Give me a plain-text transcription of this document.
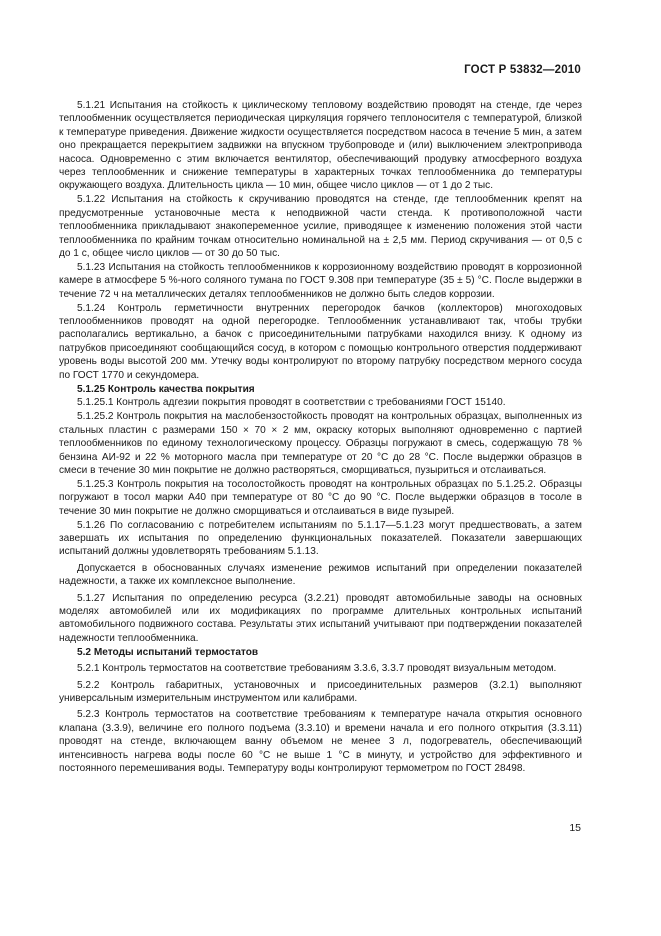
ГОСТ Р 53832—2010

5.1.21 Испытания на стойкость к циклическому тепловому воздействию проводят на стенде, где через теплообменник осуществляется периодическая циркуляция горячего теплоносителя с температурой, близкой к температуре приведения. Движение жидкости осуществляется посредством насоса в течение 5 мин, а затем оно прекращается перекрытием задвижки на впускном трубопроводе и (или) выключением электропривода насоса. Одновременно с этим включается вентилятор, обеспечивающий продувку атмосферного воздуха через теплообменник и снижение температуры в характерных точках теплообменника до температуры окружающего воздуха. Длительность цикла — 10 мин, общее число циклов — от 1 до 2 тыс.

5.1.22 Испытания на стойкость к скручиванию проводятся на стенде, где теплообменник крепят на предусмотренные установочные места к неподвижной части стенда. К противоположной части теплообменника прикладывают знакопеременное усилие, приводящее к изменению положения этой части теплообменника по крайним точкам относительно номинальной на ± 2,5 мм. Период скручивания — от 0,5 с до 1 с, общее число циклов — от 30 до 50 тыс.

5.1.23 Испытания на стойкость теплообменников к коррозионному воздействию проводят в коррозионной камере в атмосфере 5 %-ного соляного тумана по ГОСТ 9.308 при температуре (35 ± 5) °С. После выдержки в течение 72 ч на металлических деталях теплообменников не должно быть следов коррозии.

5.1.24 Контроль герметичности внутренних перегородок бачков (коллекторов) многоходовых теплообменников проводят на одной перегородке. Теплообменник устанавливают так, чтобы трубки располагались вертикально, а бачок с присоединительными патрубками находился внизу. К одному из патрубков присоединяют сообщающийся сосуд, в котором с помощью контрольного отверстия поддерживают уровень воды высотой 200 мм. Утечку воды контролируют по второму патрубку посредством мерного сосуда по ГОСТ 1770 и секундомера.

5.1.25 Контроль качества покрытия

5.1.25.1 Контроль адгезии покрытия проводят в соответствии с требованиями ГОСТ 15140.

5.1.25.2 Контроль покрытия на маслобензостойкость проводят на контрольных образцах, выполненных из стальных пластин с размерами 150 × 70 × 2 мм, окраску которых выполняют одновременно с партией теплообменников по единому технологическому процессу. Образцы погружают в смесь, содержащую 78 % бензина АИ-92 и 22 % моторного масла при температуре от 20 °С до 28 °С. После выдержки образцов в смеси в течение 30 мин покрытие не должно растворяться, сморщиваться, пузыриться и отслаиваться.

5.1.25.3 Контроль покрытия на тосолостойкость проводят на контрольных образцах по 5.1.25.2. Образцы погружают в тосол марки А40 при температуре от 80 °С до 90 °С. После выдержки образцов в тосоле в течение 30 мин покрытие не должно сморщиваться и отслаиваться в виде пузырей.

5.1.26 По согласованию с потребителем испытаниям по 5.1.17—5.1.23 могут предшествовать, а затем завершать их испытания по определению функциональных показателей. Показатели завершающих испытаний должны удовлетворять требованиям 5.1.13.

Допускается в обоснованных случаях изменение режимов испытаний при определении показателей надежности, а также их комплексное выполнение.

5.1.27 Испытания по определению ресурса (3.2.21) проводят автомобильные заводы на основных моделях автомобилей или их модификациях по программе длительных контрольных испытаний автомобильного подвижного состава. Результаты этих испытаний учитывают при подтверждении показателей надежности теплообменника.

5.2 Методы испытаний термостатов

5.2.1 Контроль термостатов на соответствие требованиям 3.3.6, 3.3.7 проводят визуальным методом.

5.2.2 Контроль габаритных, установочных и присоединительных размеров (3.2.1) выполняют универсальным измерительным инструментом или калибрами.

5.2.3 Контроль термостатов на соответствие требованиям к температуре начала открытия основного клапана (3.3.9), величине его полного подъема (3.3.10) и времени начала и его полного открытия (3.3.11) проводят на стенде, включающем ванну объемом не менее 3 л, подогреватель, обеспечивающий интенсивность нагрева воды после 60 °С не выше 1 °С в минуту, и устройство для эффективного и постоянного перемешивания воды. Температуру воды контролируют термометром по ГОСТ 28498.

15
